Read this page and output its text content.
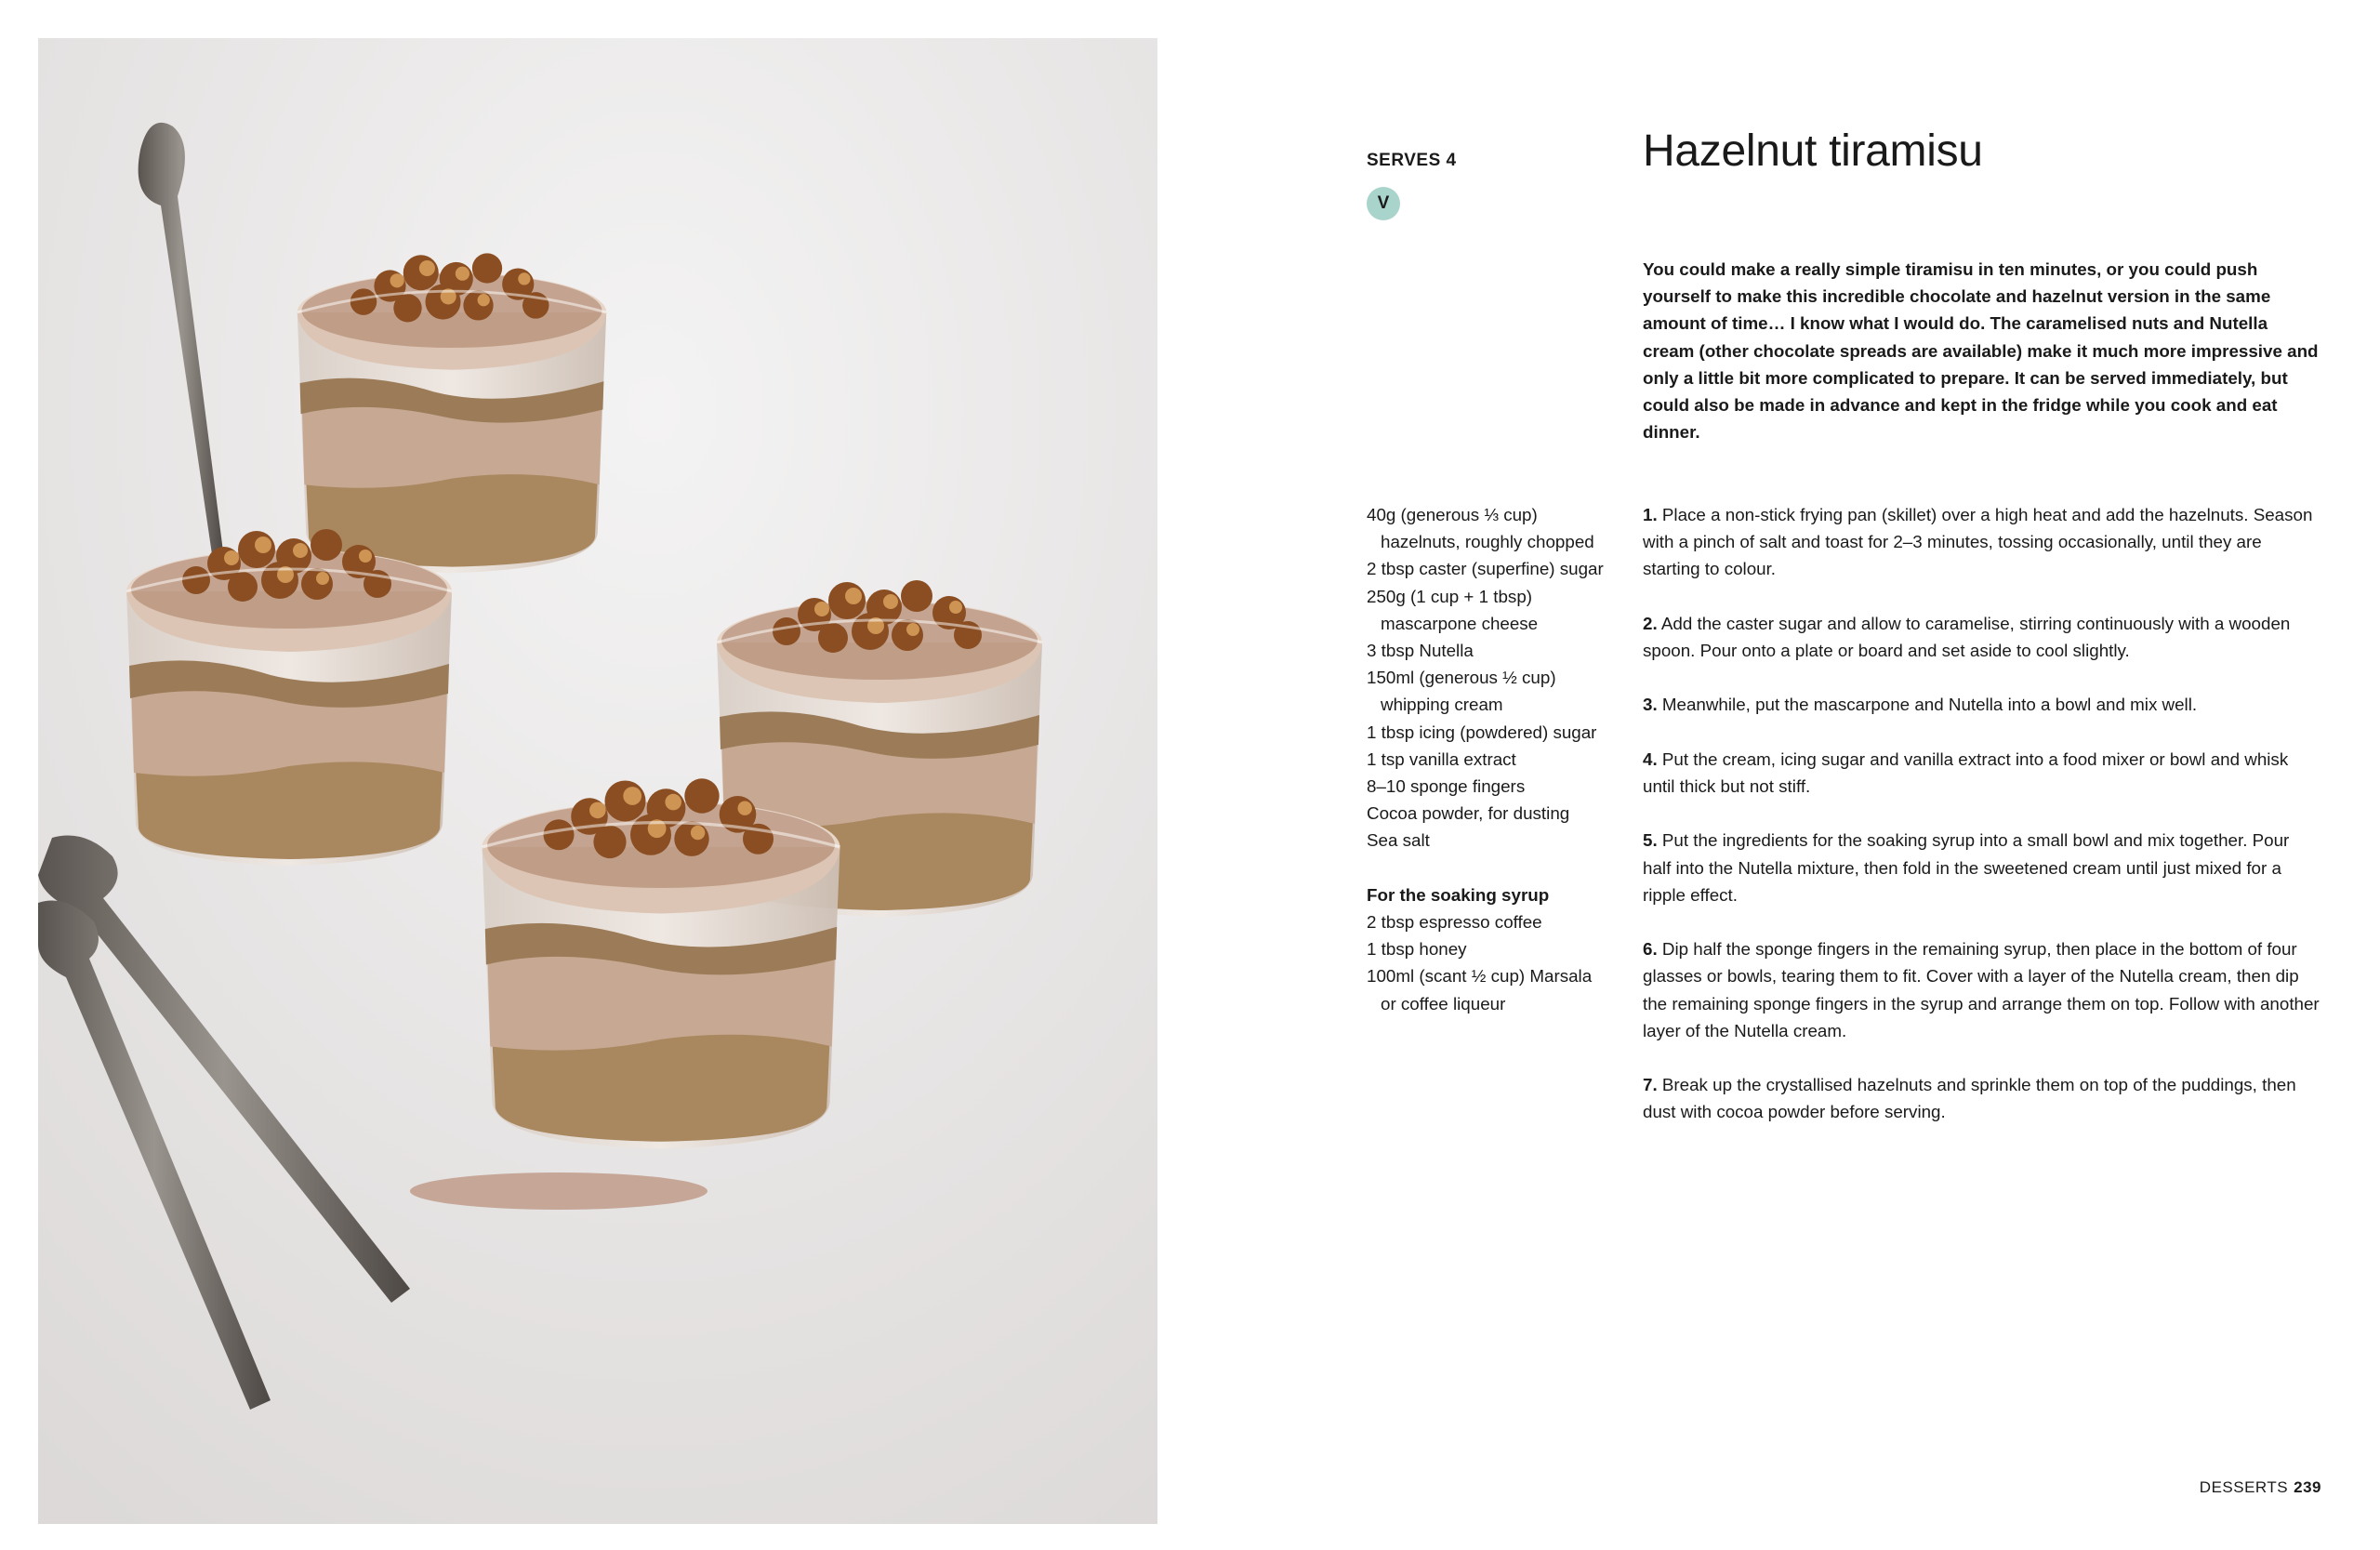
SERVES 4
V
Hazelnut tiramisu

You could make a really simple tiramisu in ten minutes, or you could push yourself to make this incredible chocolate and hazelnut version in the same amount of time… I know what I would do. The caramelised nuts and Nutella cream (other chocolate spreads are available) make it much more impressive and only a little bit more complicated to prepare. It can be served immediately, but could also be made in advance and kept in the fridge while you cook and eat dinner.

40g (generous ⅓ cup)
hazelnuts, roughly chopped
2 tbsp caster (superfine) sugar
250g (1 cup + 1 tbsp)
mascarpone cheese
3 tbsp Nutella
150ml (generous ½ cup)
whipping cream
1 tbsp icing (powdered) sugar
1 tsp vanilla extract
8–10 sponge fingers
Cocoa powder, for dusting
Sea salt
For the soaking syrup
2 tbsp espresso coffee
1 tbsp honey
100ml (scant ½ cup) Marsala
or coffee liqueur

1. Place a non-stick frying pan (skillet) over a high heat and add the hazelnuts. Season with a pinch of salt and toast for 2–3 minutes, tossing occasionally, until they are starting to colour.

2. Add the caster sugar and allow to caramelise, stirring continuously with a wooden spoon. Pour onto a plate or board and set aside to cool slightly.

3. Meanwhile, put the mascarpone and Nutella into a bowl and mix well.

4. Put the cream, icing sugar and vanilla extract into a food mixer or bowl and whisk until thick but not stiff.

5. Put the ingredients for the soaking syrup into a small bowl and mix together. Pour half into the Nutella mixture, then fold in the sweetened cream until just mixed for a ripple effect.

6. Dip half the sponge fingers in the remaining syrup, then place in the bottom of four glasses or bowls, tearing them to fit. Cover with a layer of the Nutella cream, then dip the remaining sponge fingers in the syrup and arrange them on top. Follow with another layer of the Nutella cream.

7. Break up the crystallised hazelnuts and sprinkle them on top of the puddings, then dust with cocoa powder before serving.

DESSERTS 239
